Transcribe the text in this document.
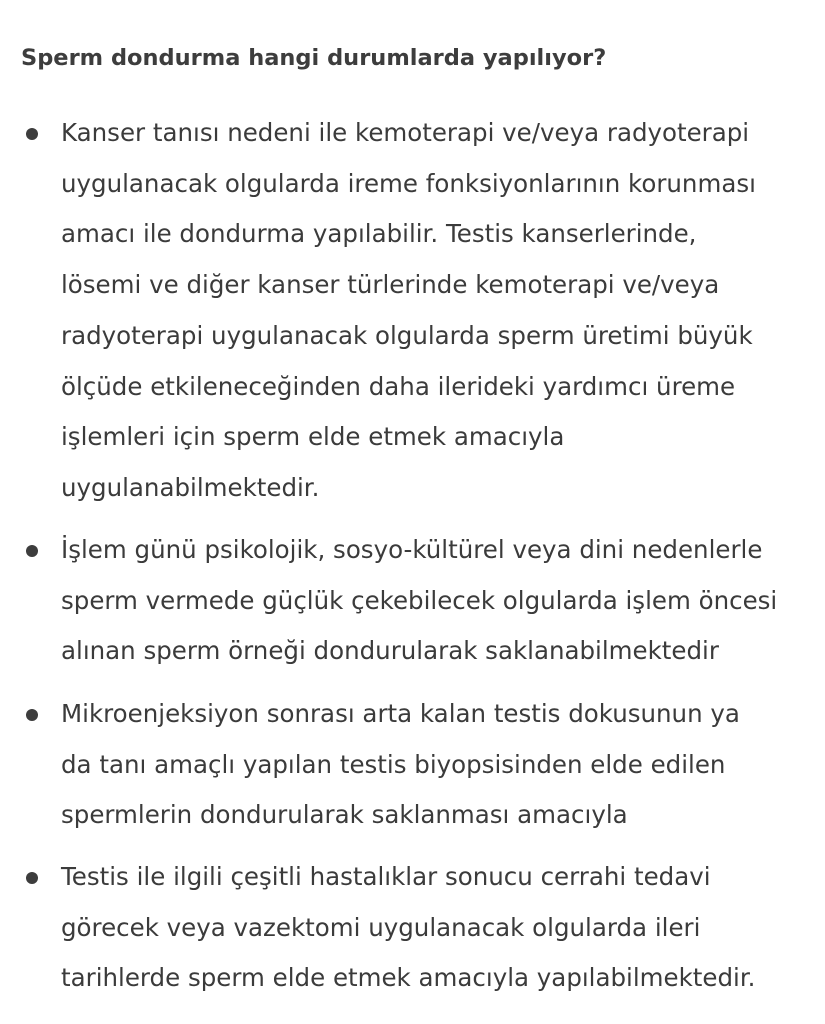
Sperm dondurma hangi durumlarda yapılıyor?

Kanser tanısı nedeni ile kemoterapi ve/veya radyoterapi
uygulanacak olgularda ireme fonksiyonlarının korunması
amacı ile dondurma yapılabilir. Testis kanserlerinde,
lösemi ve diğer kanser türlerinde kemoterapi ve/veya
radyoterapi uygulanacak olgularda sperm üretimi büyük
ölçüde etkileneceğinden daha ilerideki yardımcı üreme
işlemleri için sperm elde etmek amacıyla
uygulanabilmektedir.

İşlem günü psikolojik, sosyo-kültürel veya dini nedenlerle
sperm vermede güçlük çekebilecek olgularda işlem öncesi
alınan sperm örneği dondurularak saklanabilmektedir

Mikroenjeksiyon sonrası arta kalan testis dokusunun ya
da tanı amaçlı yapılan testis biyopsisinden elde edilen
spermlerin dondurularak saklanması amacıyla

Testis ile ilgili çeşitli hastalıklar sonucu cerrahi tedavi
görecek veya vazektomi uygulanacak olgularda ileri
tarihlerde sperm elde etmek amacıyla yapılabilmektedir.
